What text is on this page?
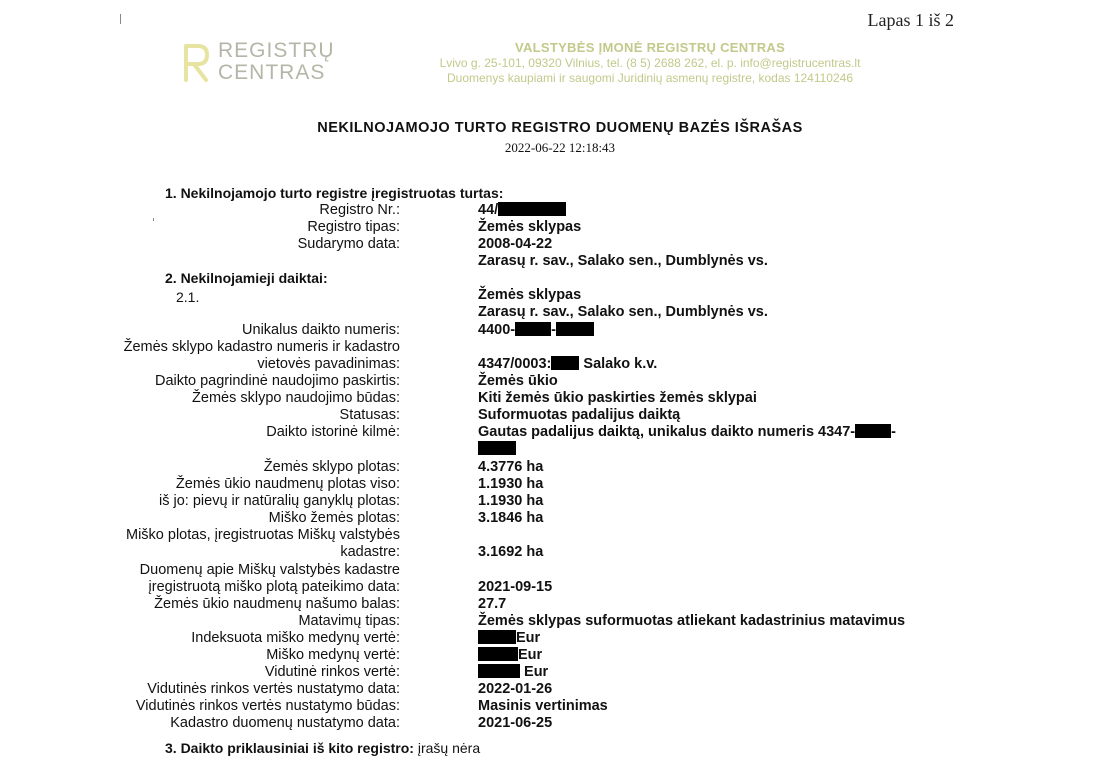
Lapas 1 iš 2
REGISTRŲ
CENTRAS
VALSTYBĖS ĮMONĖ REGISTRŲ CENTRAS
Lvivo g. 25-101, 09320 Vilnius, tel. (8 5) 2688 262, el. p. info@registrucentras.lt
Duomenys kaupiami ir saugomi Juridinių asmenų registre, kodas 124110246
NEKILNOJAMOJO TURTO REGISTRO DUOMENŲ BAZĖS IŠRAŠAS
2022-06-22 12:18:43
1. Nekilnojamojo turto registre įregistruotas turtas:
Registro Nr.:	44/
Registro tipas:	Žemės sklypas
Sudarymo data:	2008-04-22
Zarasų r. sav., Salako sen., Dumblynės vs.
2. Nekilnojamieji daiktai:
2.1.	Žemės sklypas
Zarasų r. sav., Salako sen., Dumblynės vs.
Unikalus daikto numeris:	4400- -
Žemės sklypo kadastro numeris ir kadastro
vietovės pavadinimas:	4347/0003: Salako k.v.
Daikto pagrindinė naudojimo paskirtis:	Žemės ūkio
Žemės sklypo naudojimo būdas:	Kiti žemės ūkio paskirties žemės sklypai
Statusas:	Suformuotas padalijus daiktą
Daikto istorinė kilmė:	Gautas padalijus daiktą, unikalus daikto numeris 4347- -
Žemės sklypo plotas:	4.3776 ha
Žemės ūkio naudmenų plotas viso:	1.1930 ha
iš jo: pievų ir natūralių ganyklų plotas:	1.1930 ha
Miško žemės plotas:	3.1846 ha
Miško plotas, įregistruotas Miškų valstybės
kadastre:	3.1692 ha
Duomenų apie Miškų valstybės kadastre
įregistruotą miško plotą pateikimo data:	2021-09-15
Žemės ūkio naudmenų našumo balas:	27.7
Matavimų tipas:	Žemės sklypas suformuotas atliekant kadastrinius matavimus
Indeksuota miško medynų vertė:	Eur
Miško medynų vertė:	Eur
Vidutinė rinkos vertė:	Eur
Vidutinės rinkos vertės nustatymo data:	2022-01-26
Vidutinės rinkos vertės nustatymo būdas:	Masinis vertinimas
Kadastro duomenų nustatymo data:	2021-06-25
3. Daikto priklausiniai iš kito registro: įrašų nėra
